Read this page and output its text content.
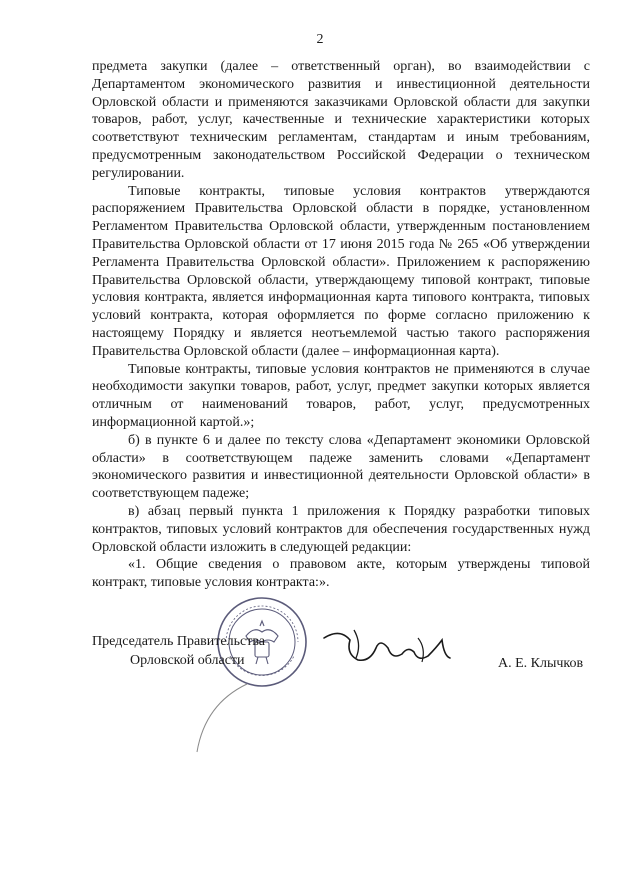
2

предмета закупки (далее – ответственный орган), во взаимодействии с Департаментом экономического развития и инвестиционной деятельности Орловской области и применяются заказчиками Орловской области для закупки товаров, работ, услуг, качественные и технические характеристики которых соответствуют техническим регламентам, стандартам и иным требованиям, предусмотренным законодательством Российской Федерации о техническом регулировании.

Типовые контракты, типовые условия контрактов утверждаются распоряжением Правительства Орловской области в порядке, установленном Регламентом Правительства Орловской области, утвержденным постановлением Правительства Орловской области от 17 июня 2015 года № 265 «Об утверждении Регламента Правительства Орловской области». Приложением к распоряжению Правительства Орловской области, утверждающему типовой контракт, типовые условия контракта, является информационная карта типового контракта, типовых условий контракта, которая оформляется по форме согласно приложению к настоящему Порядку и является неотъемлемой частью такого распоряжения Правительства Орловской области (далее – информационная карта).

Типовые контракты, типовые условия контрактов не применяются в случае необходимости закупки товаров, работ, услуг, предмет закупки которых является отличным от наименований товаров, работ, услуг, предусмотренных информационной картой.»;

б) в пункте 6 и далее по тексту слова «Департамент экономики Орловской области» в соответствующем падеже заменить словами «Департамент экономического развития и инвестиционной деятельности Орловской области» в соответствующем падеже;

в) абзац первый пункта 1 приложения к Порядку разработки типовых контрактов, типовых условий контрактов для обеспечения государственных нужд Орловской области изложить в следующей редакции:

«1. Общие сведения о правовом акте, которым утверждены типовой контракт, типовые условия контракта:».

Председатель Правительства
Орловской области	А. Е. Клычков
